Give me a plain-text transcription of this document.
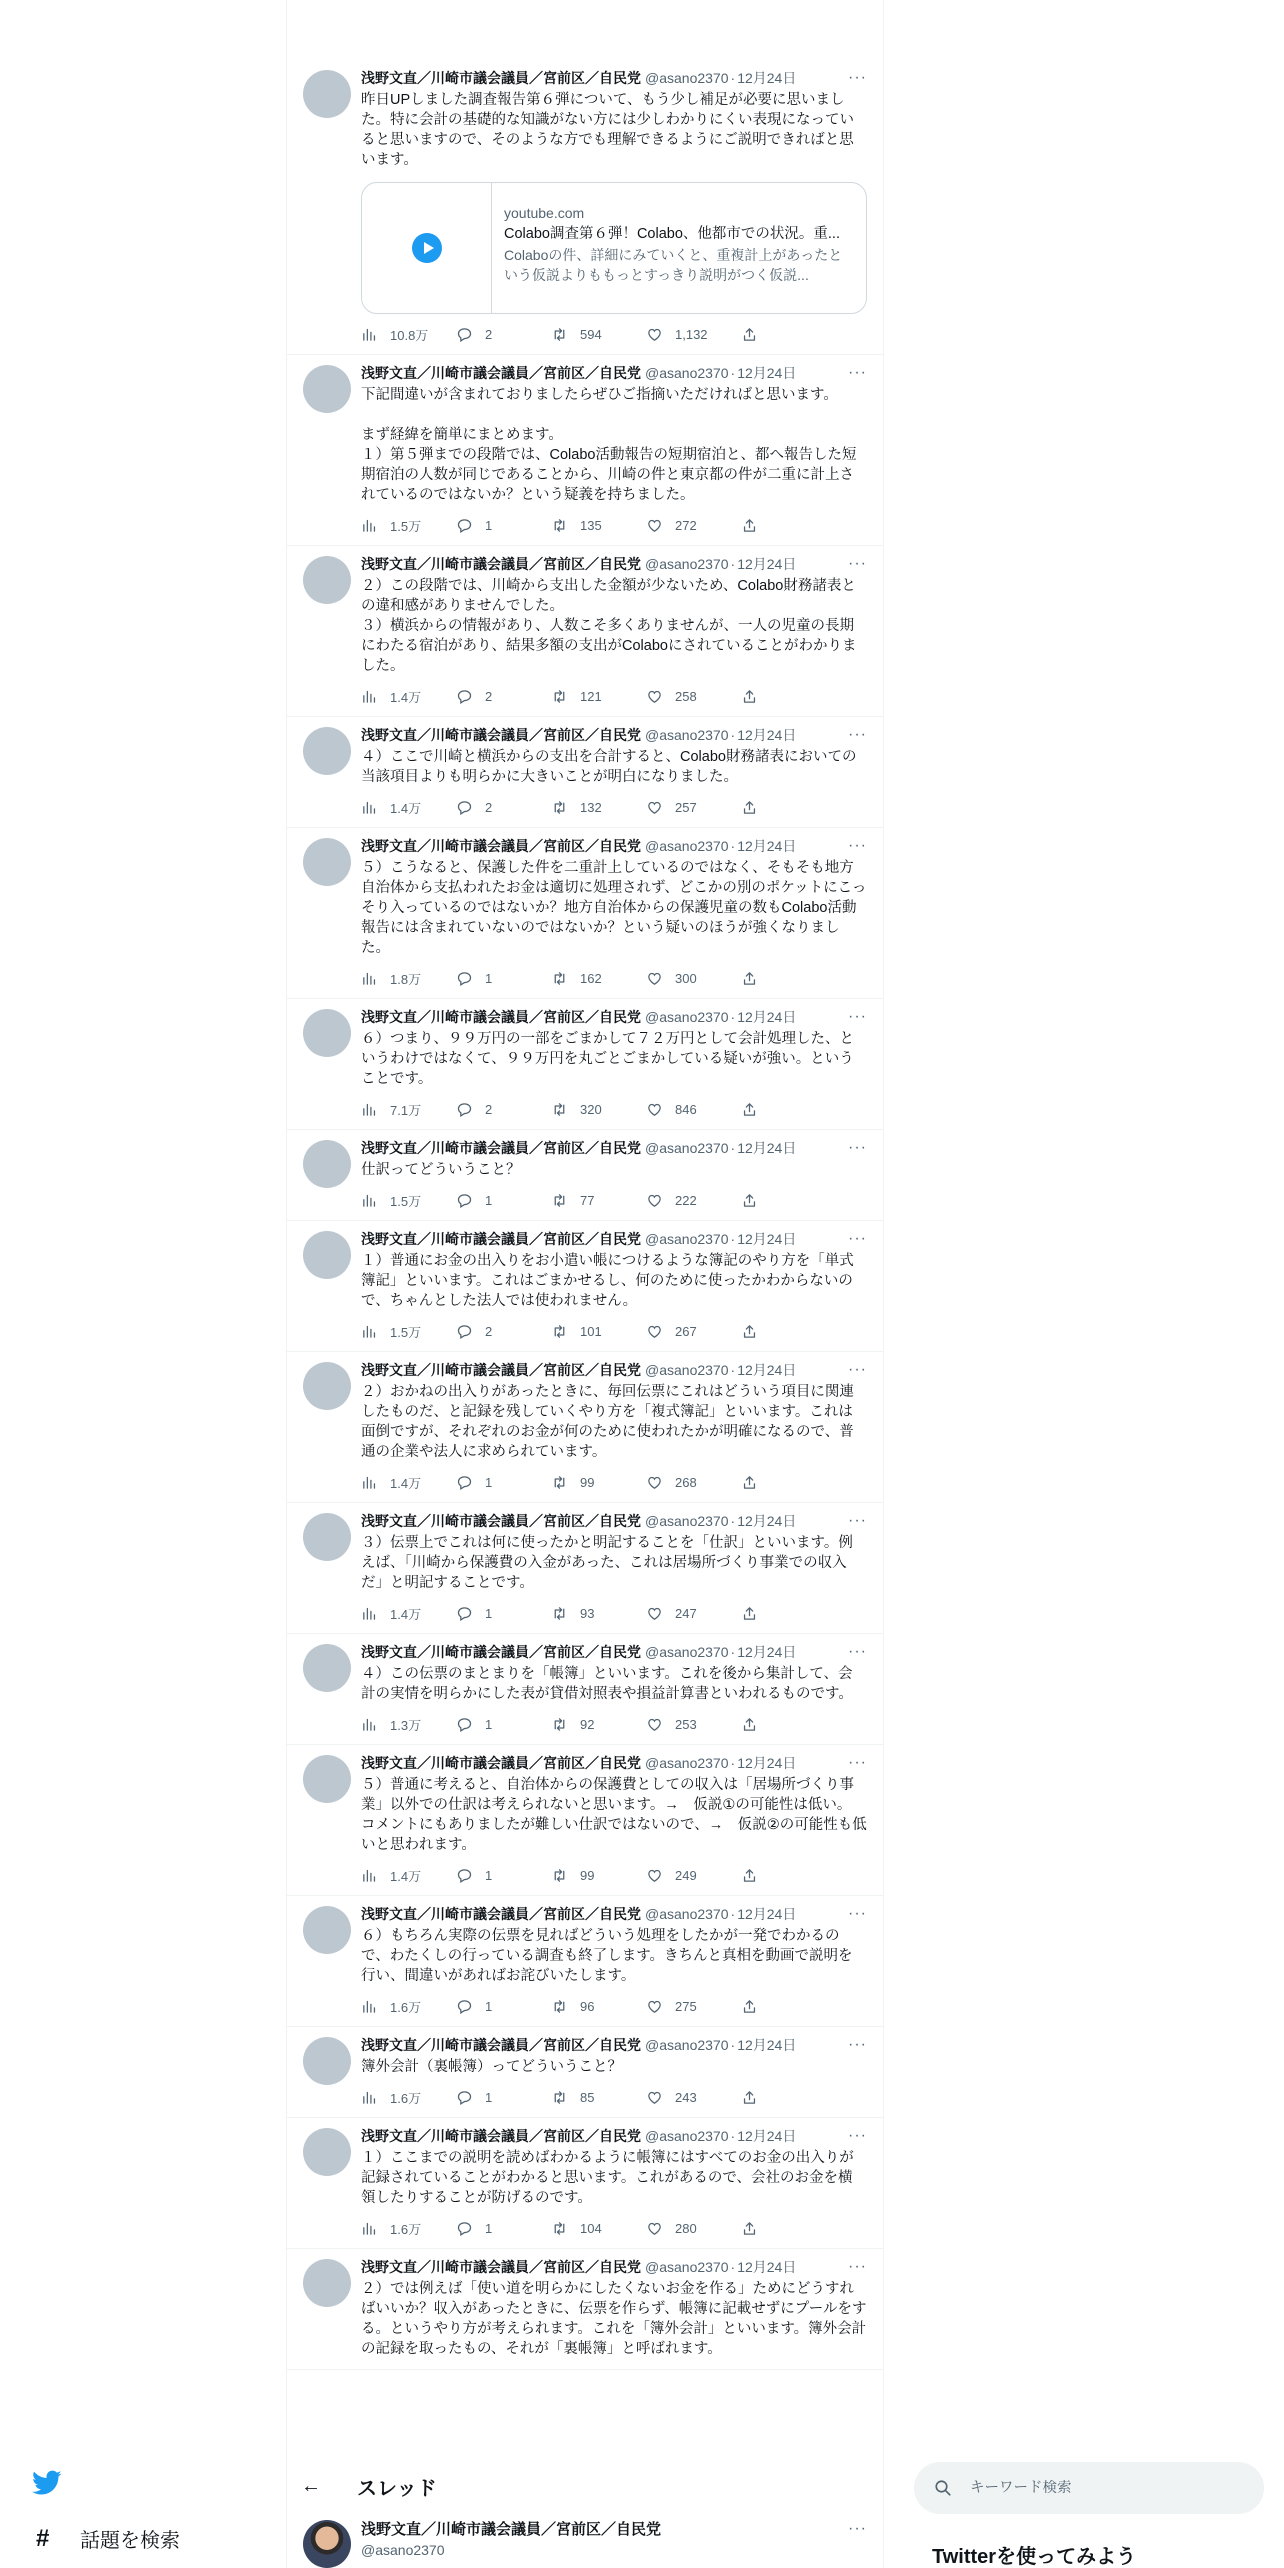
浅野文直／川崎市議会議員／宮前区／自民党 @asano2370 · 12月24日	···
昨日UPしました調査報告第６弾について、もう少し補足が必要に思いました。特に会計の基礎的な知識がない方には少しわかりにくい表現になっていると思いますので、そのような方でも理解できるようにご説明できればと思います。
youtube.com
Colabo調査第６弾！Colabo、他都市での状況。重...
Colaboの件、詳細にみていくと、重複計上があったという仮説よりももっとすっきり説明がつく仮説...
10.8万	2	594	1,132
浅野文直／川崎市議会議員／宮前区／自民党 @asano2370 · 12月24日	···
下記間違いが含まれておりましたらぜひご指摘いただければと思います。

まず経緯を簡単にまとめます。
１）第５弾までの段階では、Colabo活動報告の短期宿泊と、都へ報告した短期宿泊の人数が同じであることから、川崎の件と東京都の件が二重に計上されているのではないか？という疑義を持ちました。
1.5万	1	135	272
浅野文直／川崎市議会議員／宮前区／自民党 @asano2370 · 12月24日	···
２）この段階では、川崎から支出した金額が少ないため、Colabo財務諸表との違和感がありませんでした。
３）横浜からの情報があり、人数こそ多くありませんが、一人の児童の長期にわたる宿泊があり、結果多額の支出がColaboにされていることがわかりました。
1.4万	2	121	258
浅野文直／川崎市議会議員／宮前区／自民党 @asano2370 · 12月24日	···
４）ここで川崎と横浜からの支出を合計すると、Colabo財務諸表においての当該項目よりも明らかに大きいことが明白になりました。
1.4万	2	132	257
浅野文直／川崎市議会議員／宮前区／自民党 @asano2370 · 12月24日	···
５）こうなると、保護した件を二重計上しているのではなく、そもそも地方自治体から支払われたお金は適切に処理されず、どこかの別のポケットにこっそり入っているのではないか？地方自治体からの保護児童の数もColabo活動報告には含まれていないのではないか？という疑いのほうが強くなりました。
1.8万	1	162	300
浅野文直／川崎市議会議員／宮前区／自民党 @asano2370 · 12月24日	···
６）つまり、９９万円の一部をごまかして７２万円として会計処理した、というわけではなくて、９９万円を丸ごとごまかしている疑いが強い。ということです。
7.1万	2	320	846
浅野文直／川崎市議会議員／宮前区／自民党 @asano2370 · 12月24日	···
仕訳ってどういうこと？
1.5万	1	77	222
浅野文直／川崎市議会議員／宮前区／自民党 @asano2370 · 12月24日	···
１）普通にお金の出入りをお小遣い帳につけるような簿記のやり方を「単式簿記」といいます。これはごまかせるし、何のために使ったかわからないので、ちゃんとした法人では使われません。
1.5万	2	101	267
浅野文直／川崎市議会議員／宮前区／自民党 @asano2370 · 12月24日	···
２）おかねの出入りがあったときに、毎回伝票にこれはどういう項目に関連したものだ、と記録を残していくやり方を「複式簿記」といいます。これは面倒ですが、それぞれのお金が何のために使われたかが明確になるので、普通の企業や法人に求められています。
1.4万	1	99	268
浅野文直／川崎市議会議員／宮前区／自民党 @asano2370 · 12月24日	···
３）伝票上でこれは何に使ったかと明記することを「仕訳」といいます。例えば、「川崎から保護費の入金があった、これは居場所づくり事業での収入だ」と明記することです。
1.4万	1	93	247
浅野文直／川崎市議会議員／宮前区／自民党 @asano2370 · 12月24日	···
４）この伝票のまとまりを「帳簿」といいます。これを後から集計して、会計の実情を明らかにした表が貸借対照表や損益計算書といわれるものです。
1.3万	1	92	253
浅野文直／川崎市議会議員／宮前区／自民党 @asano2370 · 12月24日	···
５）普通に考えると、自治体からの保護費としての収入は「居場所づくり事業」以外での仕訳は考えられないと思います。→　仮説①の可能性は低い。　コメントにもありましたが難しい仕訳ではないので、→　仮説②の可能性も低いと思われます。
1.4万	1	99	249
浅野文直／川崎市議会議員／宮前区／自民党 @asano2370 · 12月24日	···
６）もちろん実際の伝票を見ればどういう処理をしたかが一発でわかるので、わたくしの行っている調査も終了します。きちんと真相を動画で説明を行い、間違いがあればお詫びいたします。
1.6万	1	96	275
浅野文直／川崎市議会議員／宮前区／自民党 @asano2370 · 12月24日	···
簿外会計（裏帳簿）ってどういうこと？
1.6万	1	85	243
浅野文直／川崎市議会議員／宮前区／自民党 @asano2370 · 12月24日	···
１）ここまでの説明を読めばわかるように帳簿にはすべてのお金の出入りが記録されていることがわかると思います。これがあるので、会社のお金を横領したりすることが防げるのです。
1.6万	1	104	280
浅野文直／川崎市議会議員／宮前区／自民党 @asano2370 · 12月24日	···
２）では例えば「使い道を明らかにしたくないお金を作る」ためにどうすればいいか？収入があったときに、伝票を作らず、帳簿に記載せずにプールをする。というやり方が考えられます。これを「簿外会計」といいます。簿外会計の記録を取ったもの、それが「裏帳簿」と呼ばれます。
#	話題を検索
←	スレッド
浅野文直／川崎市議会議員／宮前区／自民党
@asano2370
···
キーワード検索
Twitterを使ってみよう
